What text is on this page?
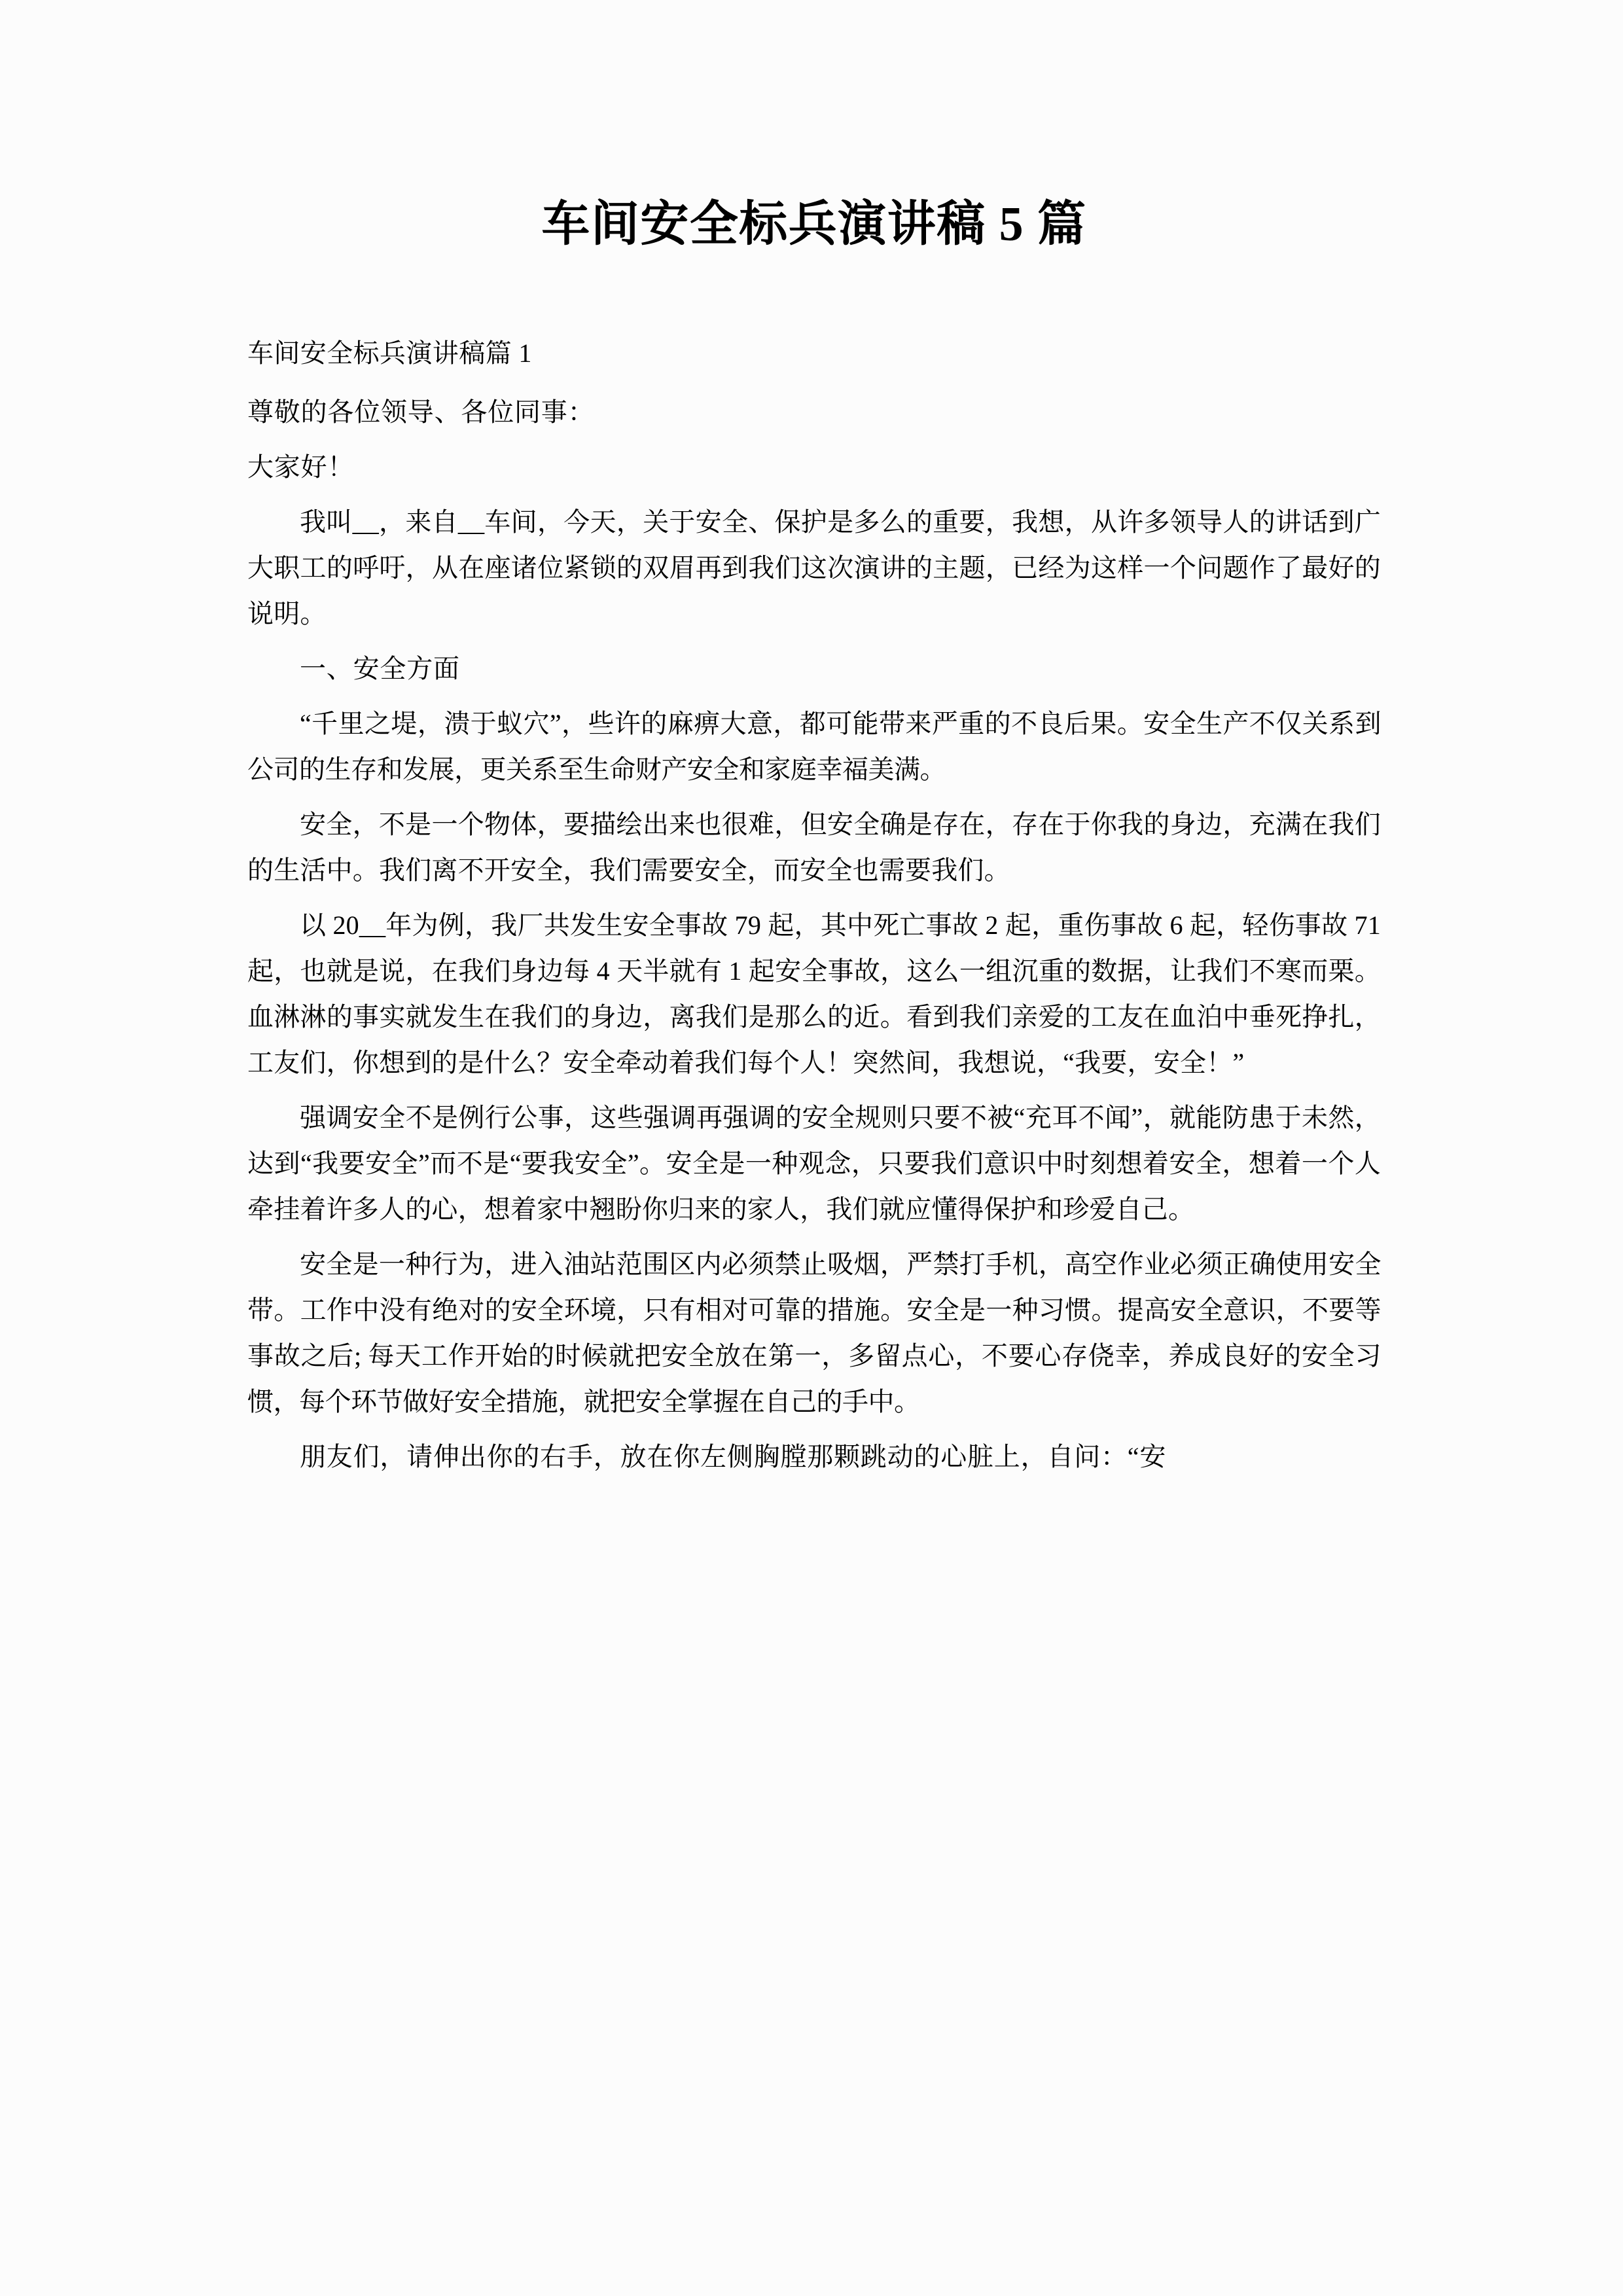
车间安全标兵演讲稿 5 篇
车间安全标兵演讲稿篇 1
尊敬的各位领导、各位同事：
大家好！

我叫__，来自__车间，今天，关于安全、保护是多么的重要，我想，从许多领导人的讲话到广大职工的呼吁，从在座诸位紧锁的双眉再到我们这次演讲的主题，已经为这样一个问题作了最好的说明。

一、安全方面

“千里之堤，溃于蚁穴”，些许的麻痹大意，都可能带来严重的不良后果。安全生产不仅关系到公司的生存和发展，更关系至生命财产安全和家庭幸福美满。

安全，不是一个物体，要描绘出来也很难，但安全确是存在，存在于你我的身边，充满在我们的生活中。我们离不开安全，我们需要安全，而安全也需要我们。

以 20__年为例，我厂共发生安全事故 79 起，其中死亡事故 2 起，重伤事故 6 起，轻伤事故 71 起，也就是说，在我们身边每 4 天半就有 1 起安全事故，这么一组沉重的数据，让我们不寒而栗。血淋淋的事实就发生在我们的身边，离我们是那么的近。看到我们亲爱的工友在血泊中垂死挣扎，工友们，你想到的是什么？安全牵动着我们每个人！突然间，我想说，“我要，安全！”

强调安全不是例行公事，这些强调再强调的安全规则只要不被“充耳不闻”，就能防患于未然，达到“我要安全”而不是“要我安全”。安全是一种观念，只要我们意识中时刻想着安全，想着一个人牵挂着许多人的心，想着家中翘盼你归来的家人，我们就应懂得保护和珍爱自己。

安全是一种行为，进入油站范围区内必须禁止吸烟，严禁打手机，高空作业必须正确使用安全带。工作中没有绝对的安全环境，只有相对可靠的措施。安全是一种习惯。提高安全意识，不要等事故之后; 每天工作开始的时候就把安全放在第一，多留点心，不要心存侥幸，养成良好的安全习惯，每个环节做好安全措施，就把安全掌握在自己的手中。

朋友们，请伸出你的右手，放在你左侧胸膛那颗跳动的心脏上，自问：“安
